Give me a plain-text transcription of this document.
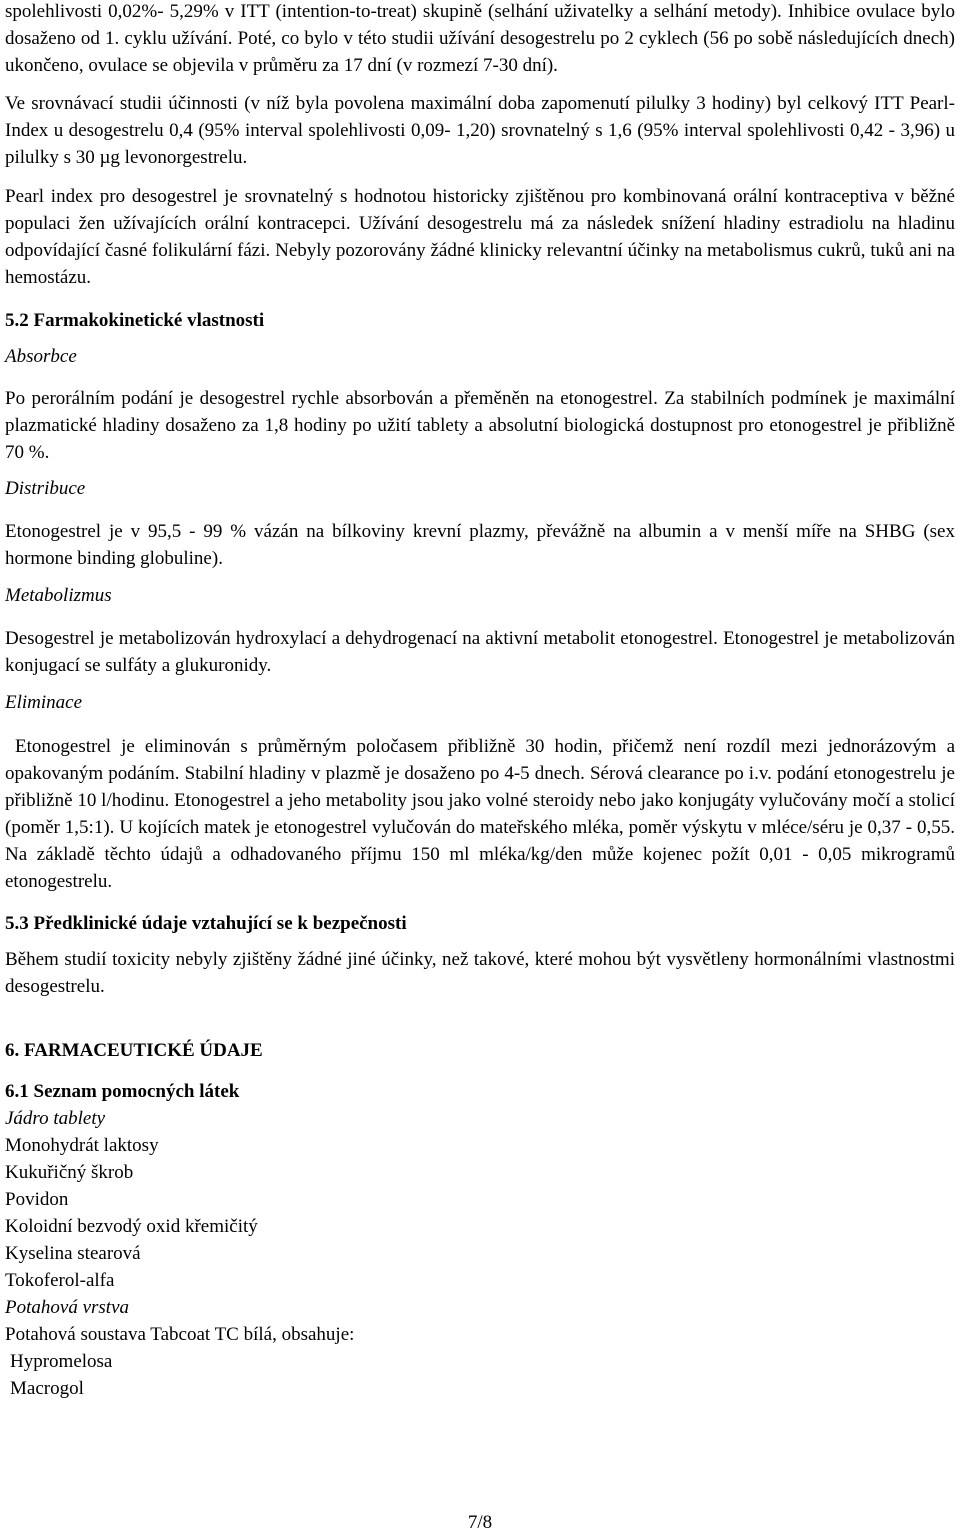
spolehlivosti 0,02%- 5,29% v ITT (intention-to-treat) skupině (selhání uživatelky a selhání metody). Inhibice ovulace bylo dosaženo od 1. cyklu užívání. Poté, co bylo v této studii užívání desogestrelu po 2 cyklech (56 po sobě následujících dnech) ukončeno, ovulace se objevila v průměru za 17 dní (v rozmezí 7-30 dní).

Ve srovnávací studii účinnosti (v níž byla povolena maximální doba zapomenutí pilulky 3 hodiny) byl celkový ITT Pearl-Index u desogestrelu 0,4 (95% interval spolehlivosti 0,09- 1,20) srovnatelný s 1,6 (95% interval spolehlivosti 0,42 - 3,96) u pilulky s 30 µg levonorgestrelu.

Pearl index pro desogestrel je srovnatelný s hodnotou historicky zjištěnou pro kombinovaná orální kontraceptiva v běžné populaci žen užívajících orální kontracepci. Užívání desogestrelu má za následek snížení hladiny estradiolu na hladinu odpovídající časné folikulární fázi. Nebyly pozorovány žádné klinicky relevantní účinky na metabolismus cukrů, tuků ani na hemostázu.

5.2 Farmakokinetické vlastnosti

Absorbce

Po perorálním podání je desogestrel rychle absorbován a přeměněn na etonogestrel. Za stabilních podmínek je maximální plazmatické hladiny dosaženo za 1,8 hodiny po užití tablety a absolutní biologická dostupnost pro etonogestrel je přibližně 70 %.

Distribuce

Etonogestrel je v 95,5 - 99 % vázán na bílkoviny krevní plazmy, převážně na albumin a v menší míře na SHBG (sex hormone binding globuline).

Metabolizmus

Desogestrel je metabolizován hydroxylací a dehydrogenací na aktivní metabolit etonogestrel. Etonogestrel je metabolizován konjugací se sulfáty a glukuronidy.

Eliminace

Etonogestrel je eliminován s průměrným poločasem přibližně 30 hodin, přičemž není rozdíl mezi jednorázovým a opakovaným podáním. Stabilní hladiny v plazmě je dosaženo po 4-5 dnech. Sérová clearance po i.v. podání etonogestrelu je přibližně 10 l/hodinu. Etonogestrel a jeho metabolity jsou jako volné steroidy nebo jako konjugáty vylučovány močí a stolicí (poměr 1,5:1). U kojících matek je etonogestrel vylučován do mateřského mléka, poměr výskytu v mléce/séru je 0,37 - 0,55. Na základě těchto údajů a odhadovaného příjmu 150 ml mléka/kg/den může kojenec požít 0,01 - 0,05 mikrogramů etonogestrelu.

5.3 Předklinické údaje vztahující se k bezpečnosti

Během studií toxicity nebyly zjištěny žádné jiné účinky, než takové, které mohou být vysvětleny hormonálními vlastnostmi desogestrelu.

6. FARMACEUTICKÉ ÚDAJE
6.1 Seznam pomocných látek

Jádro tablety

Monohydrát laktosy

Kukuřičný škrob

Povidon

Koloidní bezvodý oxid křemičitý

Kyselina stearová

Tokoferol-alfa

Potahová vrstva

Potahová soustava Tabcoat TC bílá, obsahuje:

Hypromelosa

Macrogol

7/8
